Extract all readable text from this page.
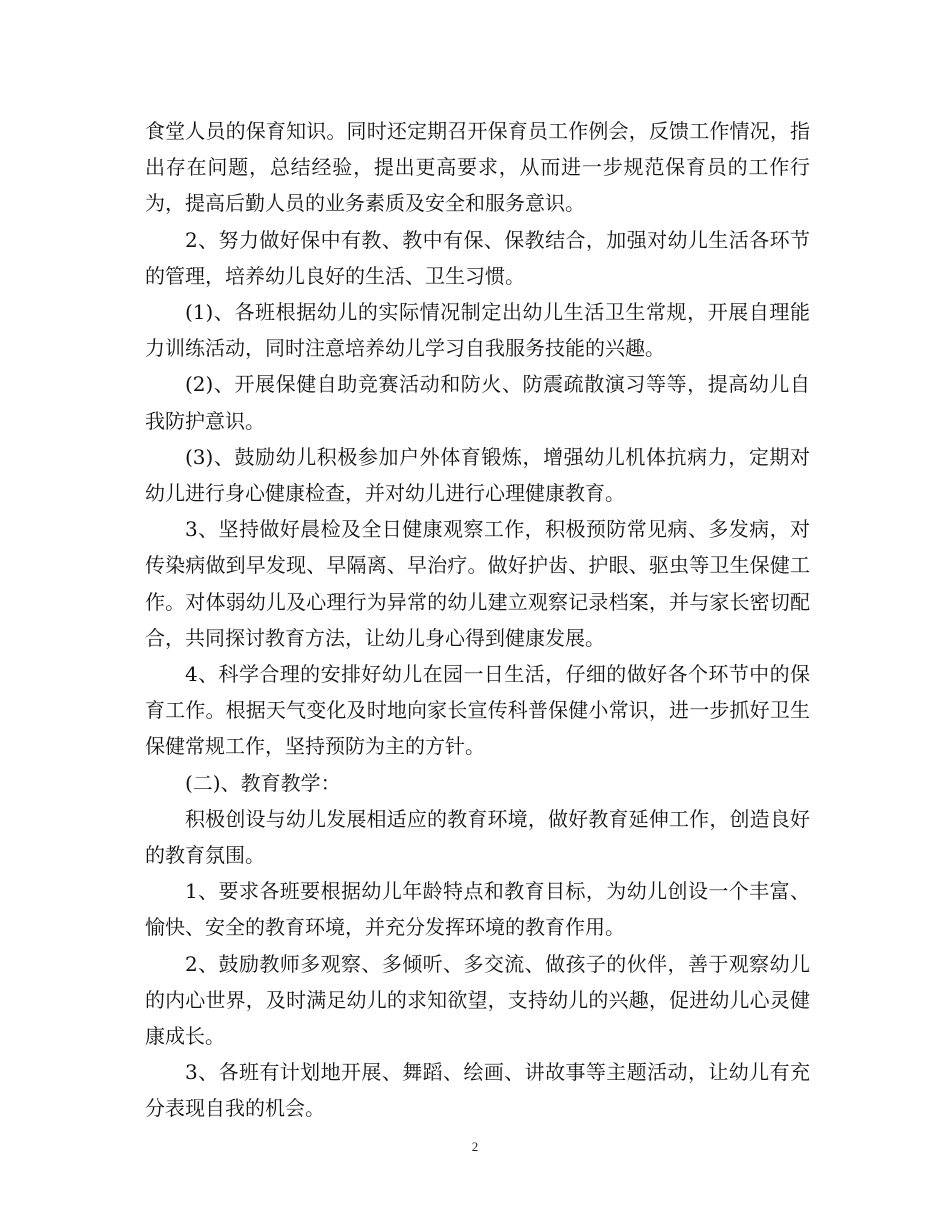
食堂人员的保育知识。同时还定期召开保育员工作例会，反馈工作情况，指出存在问题，总结经验，提出更高要求，从而进一步规范保育员的工作行为，提高后勤人员的业务素质及安全和服务意识。

2、努力做好保中有教、教中有保、保教结合，加强对幼儿生活各环节的管理，培养幼儿良好的生活、卫生习惯。

(1)、各班根据幼儿的实际情况制定出幼儿生活卫生常规，开展自理能力训练活动，同时注意培养幼儿学习自我服务技能的兴趣。

(2)、开展保健自助竞赛活动和防火、防震疏散演习等等，提高幼儿自我防护意识。

(3)、鼓励幼儿积极参加户外体育锻炼，增强幼儿机体抗病力，定期对幼儿进行身心健康检查，并对幼儿进行心理健康教育。

3、坚持做好晨检及全日健康观察工作，积极预防常见病、多发病，对传染病做到早发现、早隔离、早治疗。做好护齿、护眼、驱虫等卫生保健工作。对体弱幼儿及心理行为异常的幼儿建立观察记录档案，并与家长密切配合，共同探讨教育方法，让幼儿身心得到健康发展。

4、科学合理的安排好幼儿在园一日生活，仔细的做好各个环节中的保育工作。根据天气变化及时地向家长宣传科普保健小常识，进一步抓好卫生保健常规工作，坚持预防为主的方针。

(二)、教育教学：

积极创设与幼儿发展相适应的教育环境，做好教育延伸工作，创造良好的教育氛围。

1、要求各班要根据幼儿年龄特点和教育目标，为幼儿创设一个丰富、愉快、安全的教育环境，并充分发挥环境的教育作用。

2、鼓励教师多观察、多倾听、多交流、做孩子的伙伴，善于观察幼儿的内心世界，及时满足幼儿的求知欲望，支持幼儿的兴趣，促进幼儿心灵健康成长。

3、各班有计划地开展、舞蹈、绘画、讲故事等主题活动，让幼儿有充分表现自我的机会。

2
